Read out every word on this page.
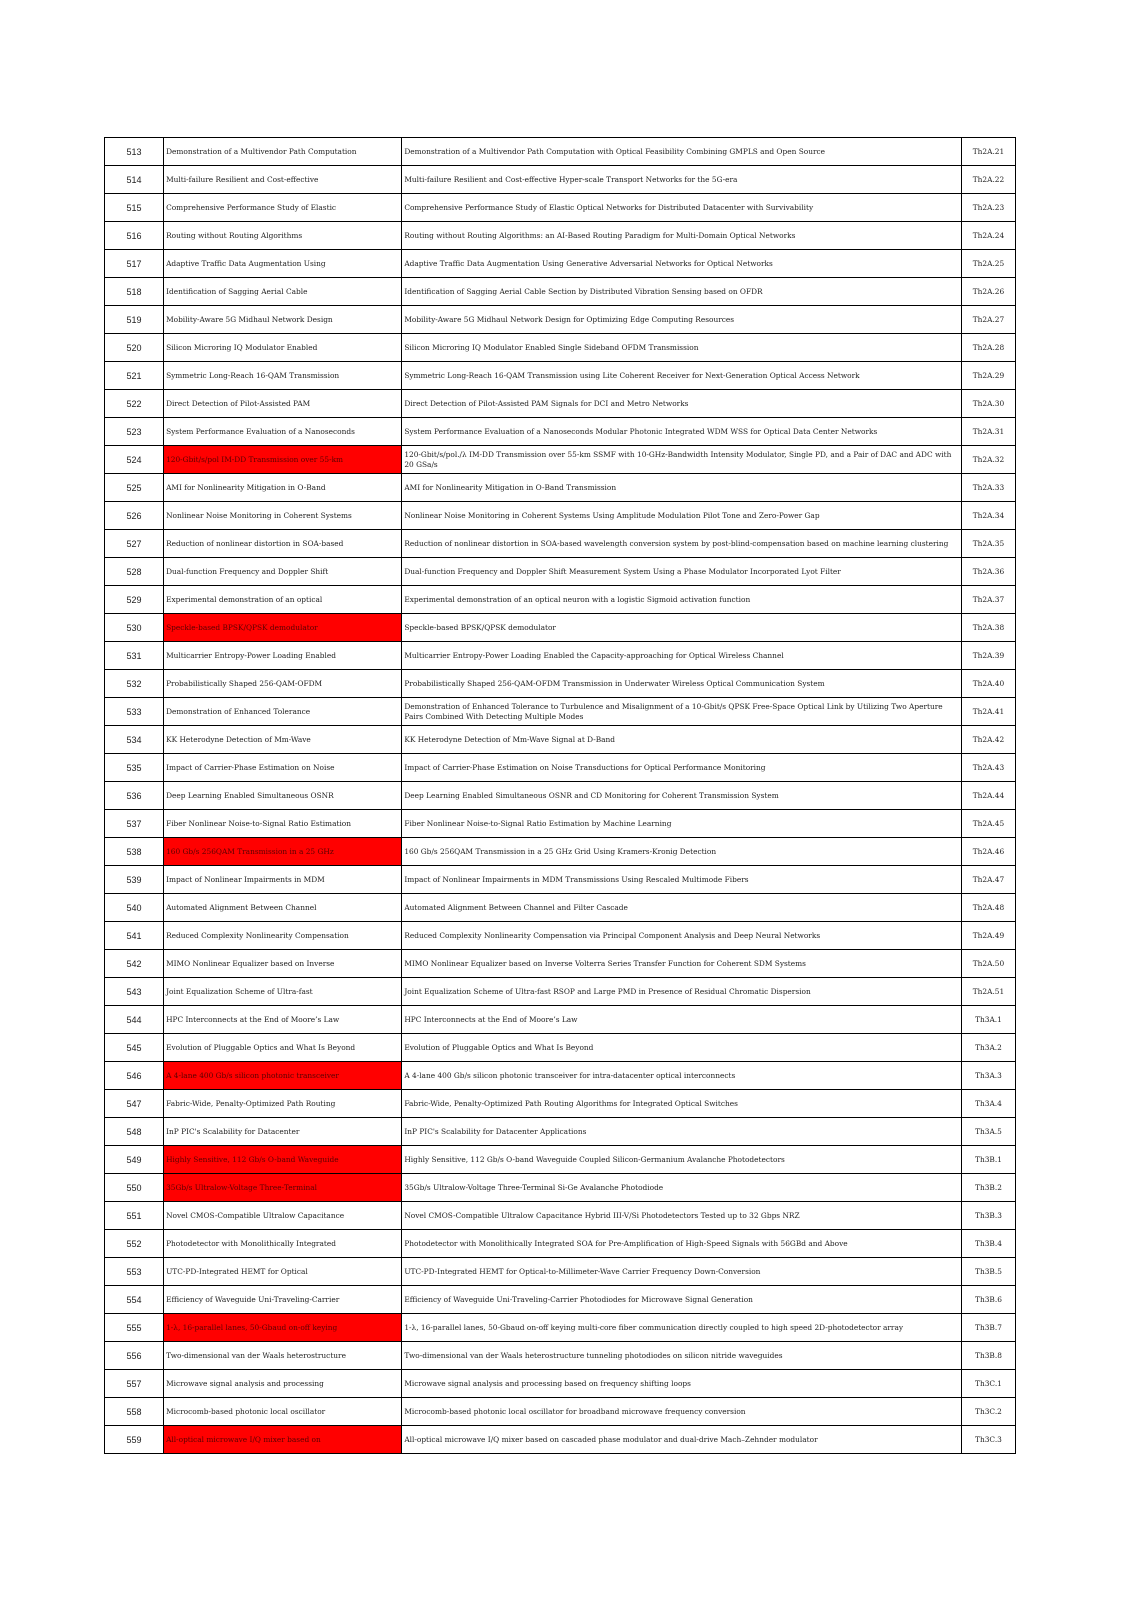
513	Demonstration of a Multivendor Path Computation	Demonstration of a Multivendor Path Computation with Optical Feasibility Combining GMPLS and Open Source	Th2A.21
514	Multi-failure Resilient and Cost-effective	Multi-failure Resilient and Cost-effective Hyper-scale Transport Networks for the 5G-era	Th2A.22
515	Comprehensive Performance Study of Elastic	Comprehensive Performance Study of Elastic Optical Networks for Distributed Datacenter with Survivability	Th2A.23
516	Routing without Routing Algorithms	Routing without Routing Algorithms: an AI-Based Routing Paradigm for Multi-Domain Optical Networks	Th2A.24
517	Adaptive Traffic Data Augmentation Using	Adaptive Traffic Data Augmentation Using Generative Adversarial Networks for Optical Networks	Th2A.25
518	Identification of Sagging Aerial Cable	Identification of Sagging Aerial Cable Section by Distributed Vibration Sensing based on OFDR	Th2A.26
519	Mobility-Aware 5G Midhaul Network Design	Mobility-Aware 5G Midhaul Network Design for Optimizing Edge Computing Resources	Th2A.27
520	Silicon Microring IQ Modulator Enabled	Silicon Microring IQ Modulator Enabled Single Sideband OFDM Transmission	Th2A.28
521	Symmetric Long-Reach 16-QAM Transmission	Symmetric Long-Reach 16-QAM Transmission using Lite Coherent Receiver for Next-Generation Optical Access Network	Th2A.29
522	Direct Detection of Pilot-Assisted PAM	Direct Detection of Pilot-Assisted PAM Signals for DCI and Metro Networks	Th2A.30
523	System Performance Evaluation of a Nanoseconds	System Performance Evaluation of a Nanoseconds Modular Photonic Integrated WDM WSS for Optical Data Center Networks	Th2A.31
524	120-Gbit/s/pol IM-DD Transmission over 55-km	120-Gbit/s/pol./λ IM-DD Transmission over 55-km SSMF with 10-GHz-Bandwidth Intensity Modulator, Single PD, and a Pair of DAC and ADC with 20 GSa/s	Th2A.32
525	AMI for Nonlinearity Mitigation in O-Band	AMI for Nonlinearity Mitigation in O-Band Transmission	Th2A.33
526	Nonlinear Noise Monitoring in Coherent Systems	Nonlinear Noise Monitoring in Coherent Systems Using Amplitude Modulation Pilot Tone and Zero-Power Gap	Th2A.34
527	Reduction of nonlinear distortion in SOA-based	Reduction of nonlinear distortion in SOA-based wavelength conversion system by post-blind-compensation based on machine learning clustering	Th2A.35
528	Dual-function Frequency and Doppler Shift	Dual-function Frequency and Doppler Shift Measurement System Using a Phase Modulator Incorporated Lyot Filter	Th2A.36
529	Experimental demonstration of an optical	Experimental demonstration of an optical neuron with a logistic Sigmoid activation function	Th2A.37
530	Speckle-based BPSK/QPSK demodulator	Speckle-based BPSK/QPSK demodulator	Th2A.38
531	Multicarrier Entropy-Power Loading Enabled	Multicarrier Entropy-Power Loading Enabled the Capacity-approaching for Optical Wireless Channel	Th2A.39
532	Probabilistically Shaped 256-QAM-OFDM	Probabilistically Shaped 256-QAM-OFDM Transmission in Underwater Wireless Optical Communication System	Th2A.40
533	Demonstration of Enhanced Tolerance	Demonstration of Enhanced Tolerance to Turbulence and Misalignment of a 10-Gbit/s QPSK Free-Space Optical Link by Utilizing Two Aperture Pairs Combined With Detecting Multiple Modes	Th2A.41
534	KK Heterodyne Detection of Mm-Wave	KK Heterodyne Detection of Mm-Wave Signal at D-Band	Th2A.42
535	Impact of Carrier-Phase Estimation on Noise	Impact of Carrier-Phase Estimation on Noise Transductions for Optical Performance Monitoring	Th2A.43
536	Deep Learning Enabled Simultaneous OSNR	Deep Learning Enabled Simultaneous OSNR and CD Monitoring for Coherent Transmission System	Th2A.44
537	Fiber Nonlinear Noise-to-Signal Ratio Estimation	Fiber Nonlinear Noise-to-Signal Ratio Estimation by Machine Learning	Th2A.45
538	160 Gb/s 256QAM Transmission in a 25 GHz	160 Gb/s 256QAM Transmission in a 25 GHz Grid Using Kramers-Kronig Detection	Th2A.46
539	Impact of Nonlinear Impairments in MDM	Impact of Nonlinear Impairments in MDM Transmissions Using Rescaled Multimode Fibers	Th2A.47
540	Automated Alignment Between Channel	Automated Alignment Between Channel and Filter Cascade	Th2A.48
541	Reduced Complexity Nonlinearity Compensation	Reduced Complexity Nonlinearity Compensation via Principal Component Analysis and Deep Neural Networks	Th2A.49
542	MIMO Nonlinear Equalizer based on Inverse	MIMO Nonlinear Equalizer based on Inverse Volterra Series Transfer Function for Coherent SDM Systems	Th2A.50
543	Joint Equalization Scheme of Ultra-fast	Joint Equalization Scheme of Ultra-fast RSOP and Large PMD in Presence of Residual Chromatic Dispersion	Th2A.51
544	HPC Interconnects at the End of Moore’s Law	HPC Interconnects at the End of Moore’s Law	Th3A.1
545	Evolution of Pluggable Optics and What Is Beyond	Evolution of Pluggable Optics and What Is Beyond	Th3A.2
546	A 4-lane 400 Gb/s silicon photonic transceiver	A 4-lane 400 Gb/s silicon photonic transceiver for intra-datacenter optical interconnects	Th3A.3
547	Fabric-Wide, Penalty-Optimized Path Routing	Fabric-Wide, Penalty-Optimized Path Routing Algorithms for Integrated Optical Switches	Th3A.4
548	InP PIC's Scalability for Datacenter	InP PIC's Scalability for Datacenter Applications	Th3A.5
549	Highly Sensitive, 112 Gb/s O-band Waveguide	Highly Sensitive, 112 Gb/s O-band Waveguide Coupled Silicon-Germanium Avalanche Photodetectors	Th3B.1
550	35Gb/s Ultralow-Voltage Three-Terminal	35Gb/s Ultralow-Voltage Three-Terminal Si-Ge Avalanche Photodiode	Th3B.2
551	Novel CMOS-Compatible Ultralow Capacitance	Novel CMOS-Compatible Ultralow Capacitance Hybrid III-V/Si Photodetectors Tested up to 32 Gbps NRZ	Th3B.3
552	Photodetector with Monolithically Integrated	Photodetector with Monolithically Integrated SOA for Pre-Amplification of High-Speed Signals with 56GBd and Above	Th3B.4
553	UTC-PD-Integrated HEMT for Optical	UTC-PD-Integrated HEMT for Optical-to-Millimeter-Wave Carrier Frequency Down-Conversion	Th3B.5
554	Efficiency of Waveguide Uni-Traveling-Carrier	Efficiency of Waveguide Uni-Traveling-Carrier Photodiodes for Microwave Signal Generation	Th3B.6
555	1-λ, 16-parallel lanes, 50-Gbaud on-off keying	1-λ, 16-parallel lanes, 50-Gbaud on-off keying multi-core fiber communication directly coupled to high speed 2D-photodetector array	Th3B.7
556	Two-dimensional van der Waals heterostructure	Two-dimensional van der Waals heterostructure tunneling photodiodes on silicon nitride waveguides	Th3B.8
557	Microwave signal analysis and processing	Microwave signal analysis and processing based on frequency shifting loops	Th3C.1
558	Microcomb-based photonic local oscillator	Microcomb-based photonic local oscillator for broadband microwave frequency conversion	Th3C.2
559	All-optical microwave I/Q mixer based on	All-optical microwave I/Q mixer based on cascaded phase modulator and dual-drive Mach–Zehnder modulator	Th3C.3
